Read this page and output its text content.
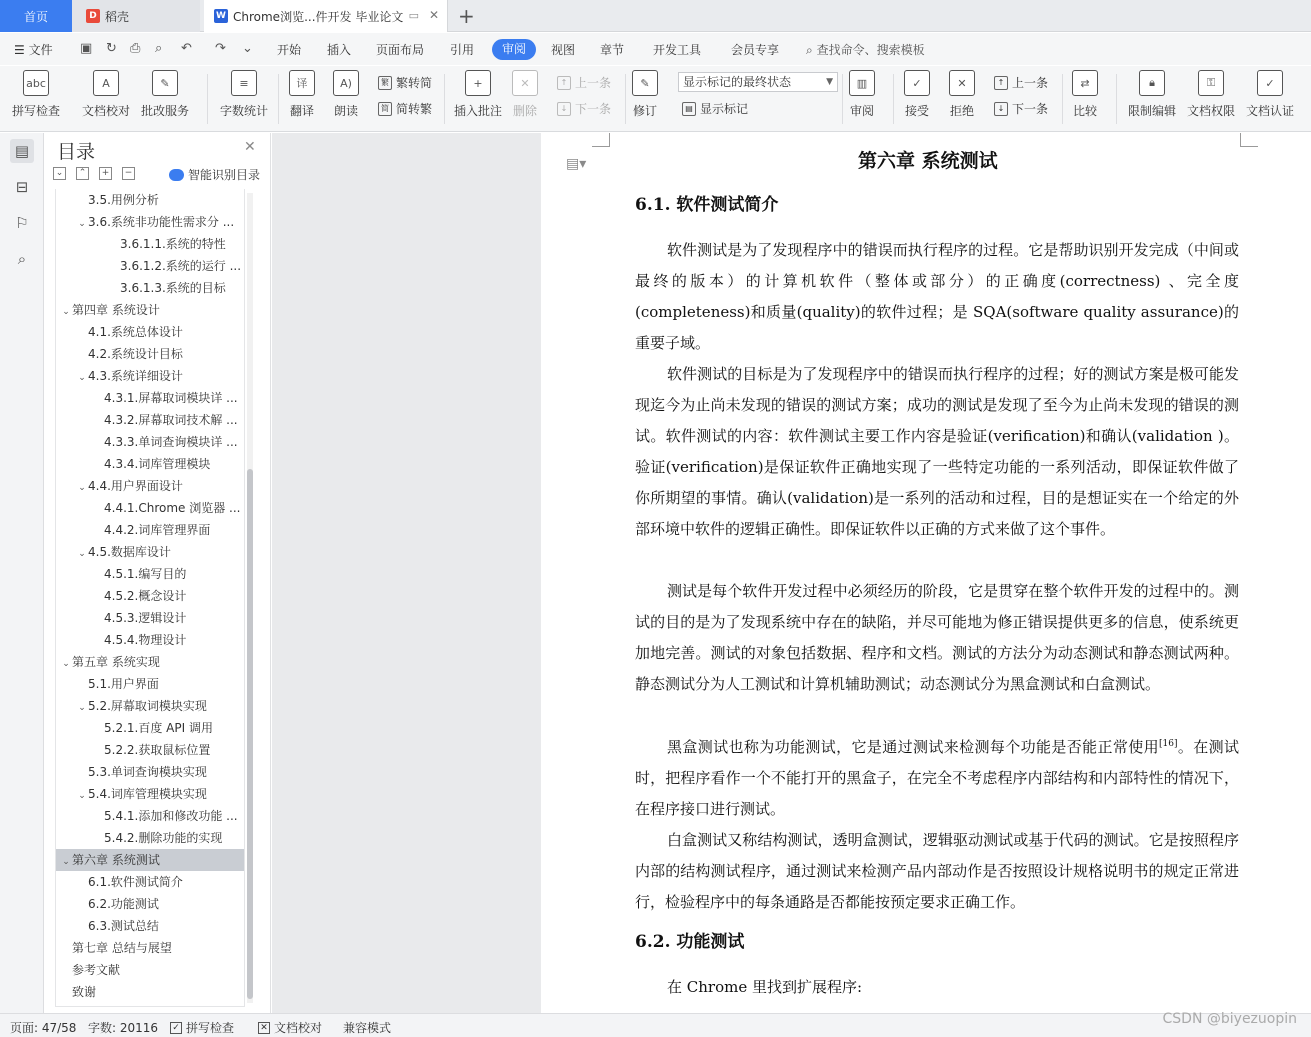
首页	D 稻壳	W Chrome浏览...件开发 毕业论文 ▭ ✕ +
☰ 文件 ▣ ↻ ⎙ ⌕ ↶ ↷ ⌄ 开始 插入 页面布局 引用	审阅	视图 章节 开发工具 会员专享 ⌕ 查找命令、搜索模板
abc
拼写检查
A
文档校对
✎
批改服务
≡
字数统计
译
翻译
A)
朗读
繁 繁转简
简 简转繁
+
插入批注
✕
删除
↑ 上一条
↓ 下一条
✎
修订
显示标记的最终状态	▼
▤ 显示标记
▥
审阅
✓
接受
✕
拒绝
↑ 上一条
↓ 下一条
⇄
比较
🔒︎
限制编辑
⚿
文档权限
✓
文档认证
▤
⊟
⚐
⌕
目录	✕
⌄	⌃	+	−	智能识别目录
3.5.用例分析
⌄ 3.6.系统非功能性需求分 ...
3.6.1.1.系统的特性
3.6.1.2.系统的运行 ...
3.6.1.3.系统的目标
⌄ 第四章 系统设计
4.1.系统总体设计
4.2.系统设计目标
⌄ 4.3.系统详细设计
4.3.1.屏幕取词模块详 ...
4.3.2.屏幕取词技术解 ...
4.3.3.单词查询模块详 ...
4.3.4.词库管理模块
⌄ 4.4.用户界面设计
4.4.1.Chrome 浏览器 ...
4.4.2.词库管理界面
⌄ 4.5.数据库设计
4.5.1.编写目的
4.5.2.概念设计
4.5.3.逻辑设计
4.5.4.物理设计
⌄ 第五章 系统实现
5.1.用户界面
⌄ 5.2.屏幕取词模块实现
5.2.1.百度 API 调用
5.2.2.获取鼠标位置
5.3.单词查询模块实现
⌄ 5.4.词库管理模块实现
5.4.1.添加和修改功能 ...
5.4.2.删除功能的实现
⌄ 第六章 系统测试
6.1.软件测试简介
6.2.功能测试
6.3.测试总结
第七章 总结与展望
参考文献
致谢
▤▾	第六章 系统测试
6.1. 软件测试简介

软件测试是为了发现程序中的错误而执行程序的过程。它是帮助识别开发完成（中间或最终的版本）的计算机软件（整体或部分）的正确度(correctness) 、完全度(completeness)和质量(quality)的软件过程；是 SQA(software quality assurance)的重要子域。

软件测试的目标是为了发现程序中的错误而执行程序的过程；好的测试方案是极可能发现迄今为止尚未发现的错误的测试方案；成功的测试是发现了至今为止尚未发现的错误的测试。软件测试的内容：软件测试主要工作内容是验证(verification)和确认(validation )。验证(verification)是保证软件正确地实现了一些特定功能的一系列活动，即保证软件做了你所期望的事情。确认(validation)是一系列的活动和过程，目的是想证实在一个给定的外部环境中软件的逻辑正确性。即保证软件以正确的方式来做了这个事件。

测试是每个软件开发过程中必须经历的阶段，它是贯穿在整个软件开发的过程中的。测试的目的是为了发现系统中存在的缺陷，并尽可能地为修正错误提供更多的信息，使系统更加地完善。测试的对象包括数据、程序和文档。测试的方法分为动态测试和静态测试两种。静态测试分为人工测试和计算机辅助测试；动态测试分为黑盒测试和白盒测试。

黑盒测试也称为功能测试，它是通过测试来检测每个功能是否能正常使用[16]。在测试时，把程序看作一个不能打开的黑盒子，在完全不考虑程序内部结构和内部特性的情况下，在程序接口进行测试。

白盒测试又称结构测试，透明盒测试，逻辑驱动测试或基于代码的测试。它是按照程序内部的结构测试程序，通过测试来检测产品内部动作是否按照设计规格说明书的规定正常进行，检验程序中的每条通路是否都能按预定要求正确工作。

6.2. 功能测试

在 Chrome 里找到扩展程序:

页面: 47/58 字数: 20116 ✓ 拼写检查	✕ 文档校对 兼容模式
CSDN @biyezuopin
